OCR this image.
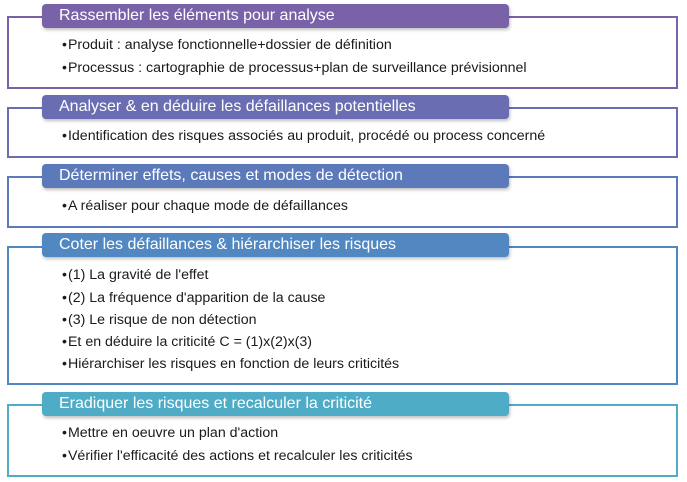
Rassembler les éléments pour analyse
•Produit : analyse fonctionnelle+dossier de définition
•Processus : cartographie de processus+plan de surveillance prévisionnel
Analyser & en déduire les défaillances potentielles
•Identification des risques associés au produit, procédé ou process concerné
Déterminer effets, causes et modes de détection
•A réaliser pour chaque mode de défaillances
Coter les défaillances & hiérarchiser les risques
•(1) La gravité de l'effet
•(2) La fréquence d'apparition de la cause
•(3) Le risque de non détection
•Et en déduire la criticité C = (1)x(2)x(3)
•Hiérarchiser les risques en fonction de leurs criticités
Eradiquer les risques et recalculer la criticité
•Mettre en oeuvre un plan d'action
•Vérifier l'efficacité des actions et recalculer les criticités
